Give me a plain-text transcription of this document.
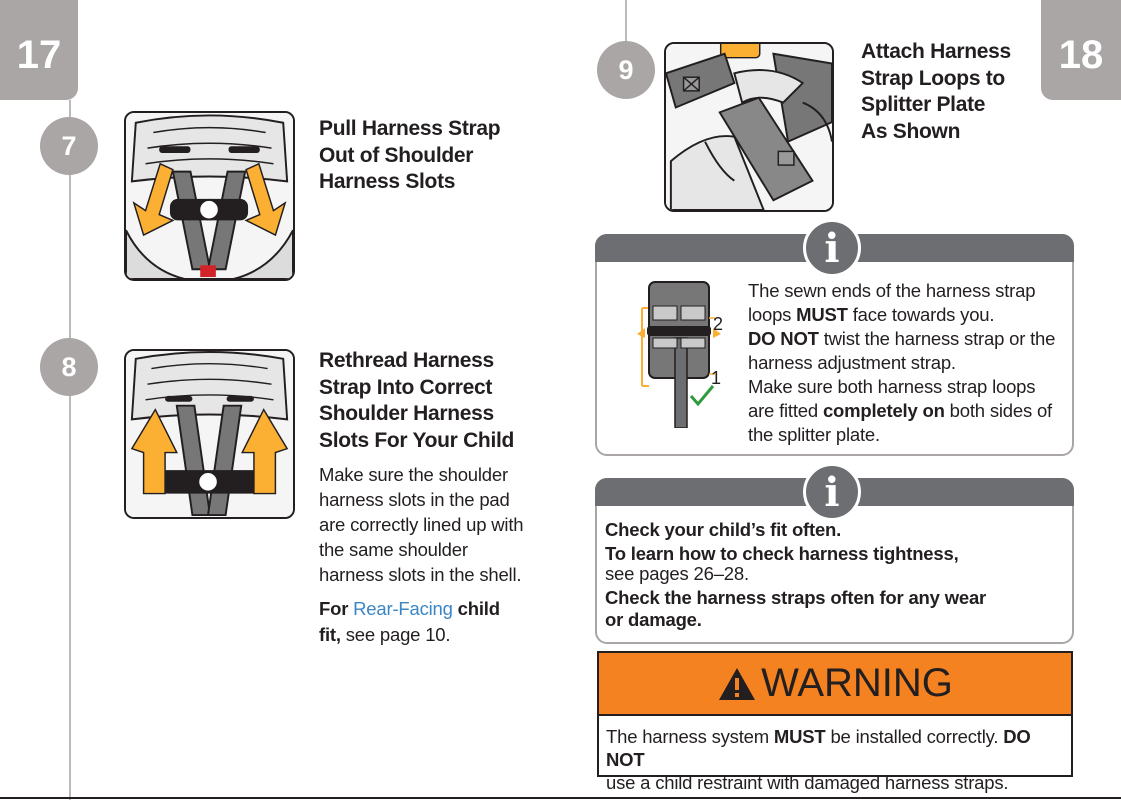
17	18
7
Pull Harness Strap
Out of Shoulder
Harness Slots
8	Rethread Harness
Strap Into Correct
Shoulder Harness
Slots For Your Child
Make sure the shoulder
harness slots in the pad
are correctly lined up with
the same shoulder
harness slots in the shell.
For Rear-Facing child
fit, see page 10.
9
Attach Harness
Strap Loops to
Splitter Plate
As Shown
i
2
1
The sewn ends of the harness strap
loops MUST face towards you.
DO NOT twist the harness strap or the
harness adjustment strap.
Make sure both harness strap loops
are fitted completely on both sides of
the splitter plate.
i
Check your child’s fit often.
To learn how to check harness tightness,
see pages 26–28.
Check the harness straps often for any wear
or damage.
WARNING
The harness system MUST be installed correctly. DO NOT
use a child restraint with damaged harness straps.
